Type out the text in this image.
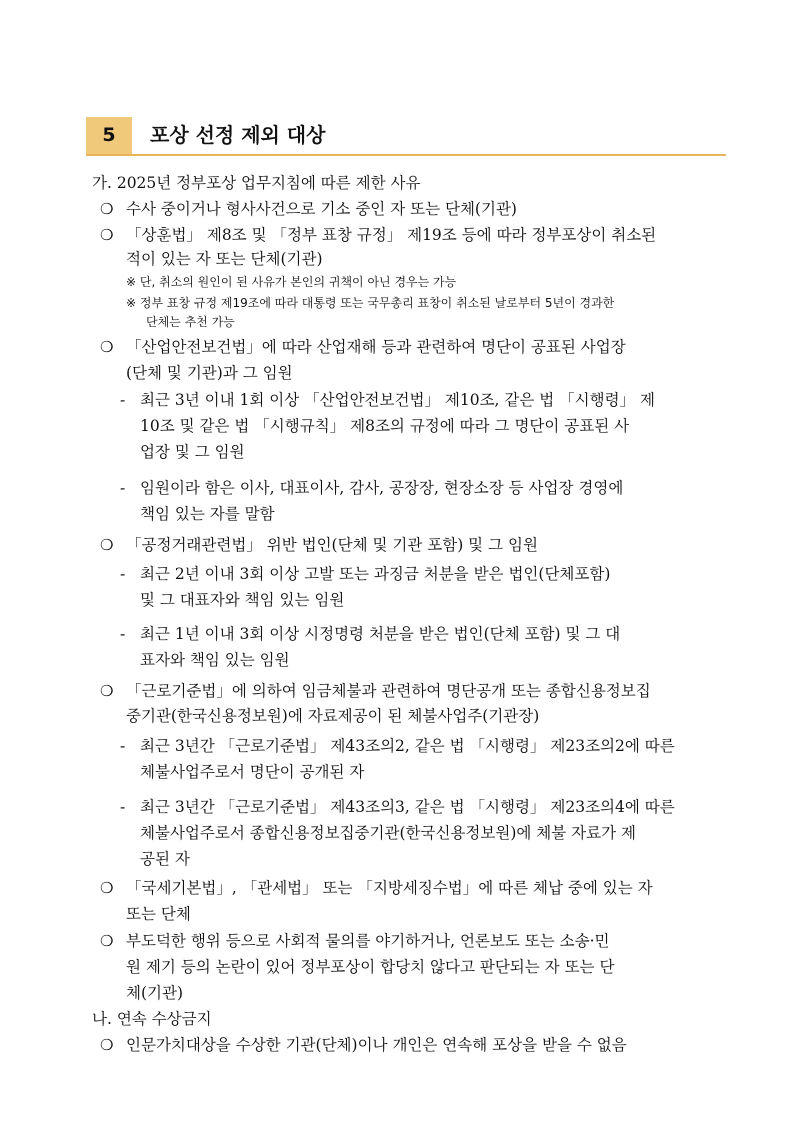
5	포상 선정 제외 대상
가. 2025년 정부포상 업무지침에 따른 제한 사유
❍ 수사 중이거나 형사사건으로 기소 중인 자 또는 단체(기관)
❍ 「상훈법」 제8조 및 「정부 표창 규정」 제19조 등에 따라 정부포상이 취소된
적이 있는 자 또는 단체(기관)
※ 단, 취소의 원인이 된 사유가 본인의 귀책이 아닌 경우는 가능
※ 정부 표창 규정 제19조에 따라 대통령 또는 국무총리 표창이 취소된 날로부터 5년이 경과한
단체는 추천 가능
❍ 「산업안전보건법」에 따라 산업재해 등과 관련하여 명단이 공표된 사업장
(단체 및 기관)과 그 임원
- 최근 3년 이내 1회 이상 「산업안전보건법」 제10조, 같은 법 「시행령」 제
10조 및 같은 법 「시행규칙」 제8조의 규정에 따라 그 명단이 공표된 사
업장 및 그 임원
- 임원이라 함은 이사, 대표이사, 감사, 공장장, 현장소장 등 사업장 경영에
책임 있는 자를 말함
❍ 「공정거래관련법」 위반 법인(단체 및 기관 포함) 및 그 임원
- 최근 2년 이내 3회 이상 고발 또는 과징금 처분을 받은 법인(단체포함)
및 그 대표자와 책임 있는 임원
- 최근 1년 이내 3회 이상 시정명령 처분을 받은 법인(단체 포함) 및 그 대
표자와 책임 있는 임원
❍ 「근로기준법」에 의하여 임금체불과 관련하여 명단공개 또는 종합신용정보집
중기관(한국신용정보원)에 자료제공이 된 체불사업주(기관장)
- 최근 3년간 「근로기준법」 제43조의2, 같은 법 「시행령」 제23조의2에 따른
체불사업주로서 명단이 공개된 자
- 최근 3년간 「근로기준법」 제43조의3, 같은 법 「시행령」 제23조의4에 따른
체불사업주로서 종합신용정보집중기관(한국신용정보원)에 체불 자료가 제
공된 자
❍ 「국세기본법」, 「관세법」 또는 「지방세징수법」에 따른 체납 중에 있는 자
또는 단체
❍ 부도덕한 행위 등으로 사회적 물의를 야기하거나, 언론보도 또는 소송·민
원 제기 등의 논란이 있어 정부포상이 합당치 않다고 판단되는 자 또는 단
체(기관)
나. 연속 수상금지
❍ 인문가치대상을 수상한 기관(단체)이나 개인은 연속해 포상을 받을 수 없음
